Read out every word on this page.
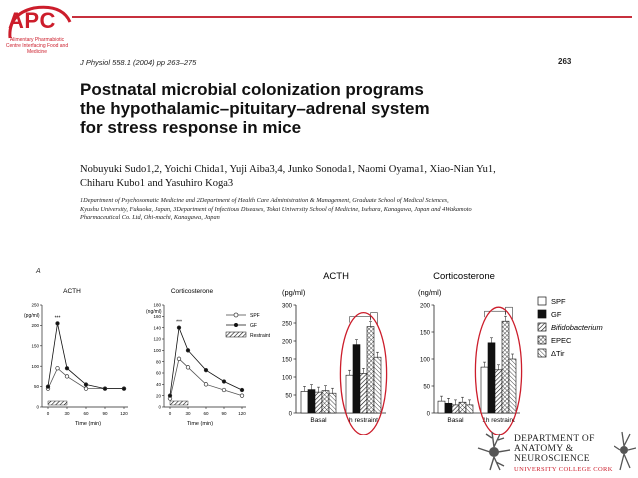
APC
Alimentary Pharmabiotic Centre Interfacing Food and Medicine
J Physiol 558.1 (2004) pp 263–275	263
Postnatal microbial colonization programs
the hypothalamic–pituitary–adrenal system
for stress response in mice
Nobuyuki Sudo1,2, Yoichi Chida1, Yuji Aiba3,4, Junko Sonoda1, Naomi Oyama1, Xiao-Nian Yu1,
Chiharu Kubo1 and Yasuhiro Koga3
1Department of Psychosomatic Medicine and 2Department of Health Care Administration & Management, Graduate School of Medical Sciences,
Kyushu University, Fukuoka, Japan, 3Department of Infectious Diseases, Tokai University School of Medicine, Isehara, Kanagawa, Japan and 4Wakamoto
Pharmaceutical Co. Ltd, Ohi-machi, Kanagawa, Japan
A
ACTH
(pg/ml)
Time (min)
0
50
100
150
200
250
0	30	60	90	120
***
Corticosterone
(ng/ml)
Time (min)
0
20
40
60
80
100
120
140
160
180
0	30	60	90	120
***
SPF
GF
Restraint
ACTH
(pg/ml)
0
50
100
150
200
250
300
Basal	h restraint
Corticosterone
(ng/ml)
0
50
100
150
200
Basal	1h restraint
SPF
GF
Bifidobacterium
EPEC
ΔTir
DEPARTMENT OF
ANATOMY &
NEUROSCIENCE
UNIVERSITY COLLEGE CORK
